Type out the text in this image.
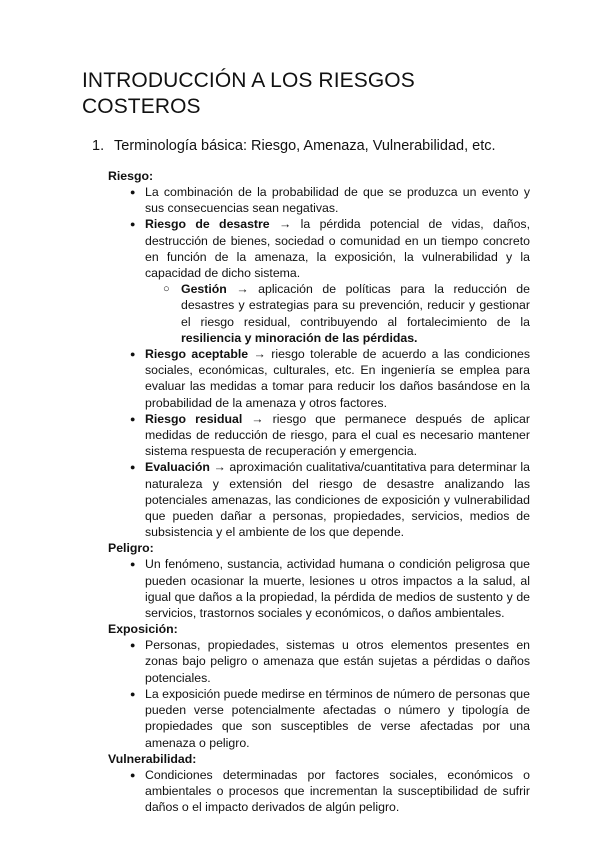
INTRODUCCIÓN A LOS RIESGOS COSTEROS
1. Terminología básica: Riesgo, Amenaza, Vulnerabilidad, etc.
Riesgo:
● La combinación de la probabilidad de que se produzca un evento y sus consecuencias sean negativas.
● Riesgo de desastre → la pérdida potencial de vidas, daños, destrucción de bienes, sociedad o comunidad en un tiempo concreto en función de la amenaza, la exposición, la vulnerabilidad y la capacidad de dicho sistema.
○ Gestión → aplicación de políticas para la reducción de desastres y estrategias para su prevención, reducir y gestionar el riesgo residual, contribuyendo al fortalecimiento de la resiliencia y minoración de las pérdidas.
● Riesgo aceptable → riesgo tolerable de acuerdo a las condiciones sociales, económicas, culturales, etc. En ingeniería se emplea para evaluar las medidas a tomar para reducir los daños basándose en la probabilidad de la amenaza y otros factores.
● Riesgo residual → riesgo que permanece después de aplicar medidas de reducción de riesgo, para el cual es necesario mantener sistema respuesta de recuperación y emergencia.
● Evaluación → aproximación cualitativa/cuantitativa para determinar la naturaleza y extensión del riesgo de desastre analizando las potenciales amenazas, las condiciones de exposición y vulnerabilidad que pueden dañar a personas, propiedades, servicios, medios de subsistencia y el ambiente de los que depende.
Peligro:
● Un fenómeno, sustancia, actividad humana o condición peligrosa que pueden ocasionar la muerte, lesiones u otros impactos a la salud, al igual que daños a la propiedad, la pérdida de medios de sustento y de servicios, trastornos sociales y económicos, o daños ambientales.
Exposición:
● Personas, propiedades, sistemas u otros elementos presentes en zonas bajo peligro o amenaza que están sujetas a pérdidas o daños potenciales.
● La exposición puede medirse en términos de número de personas que pueden verse potencialmente afectadas o número y tipología de propiedades que son susceptibles de verse afectadas por una amenaza o peligro.
Vulnerabilidad:
● Condiciones determinadas por factores sociales, económicos o ambientales o procesos que incrementan la susceptibilidad de sufrir daños o el impacto derivados de algún peligro.
